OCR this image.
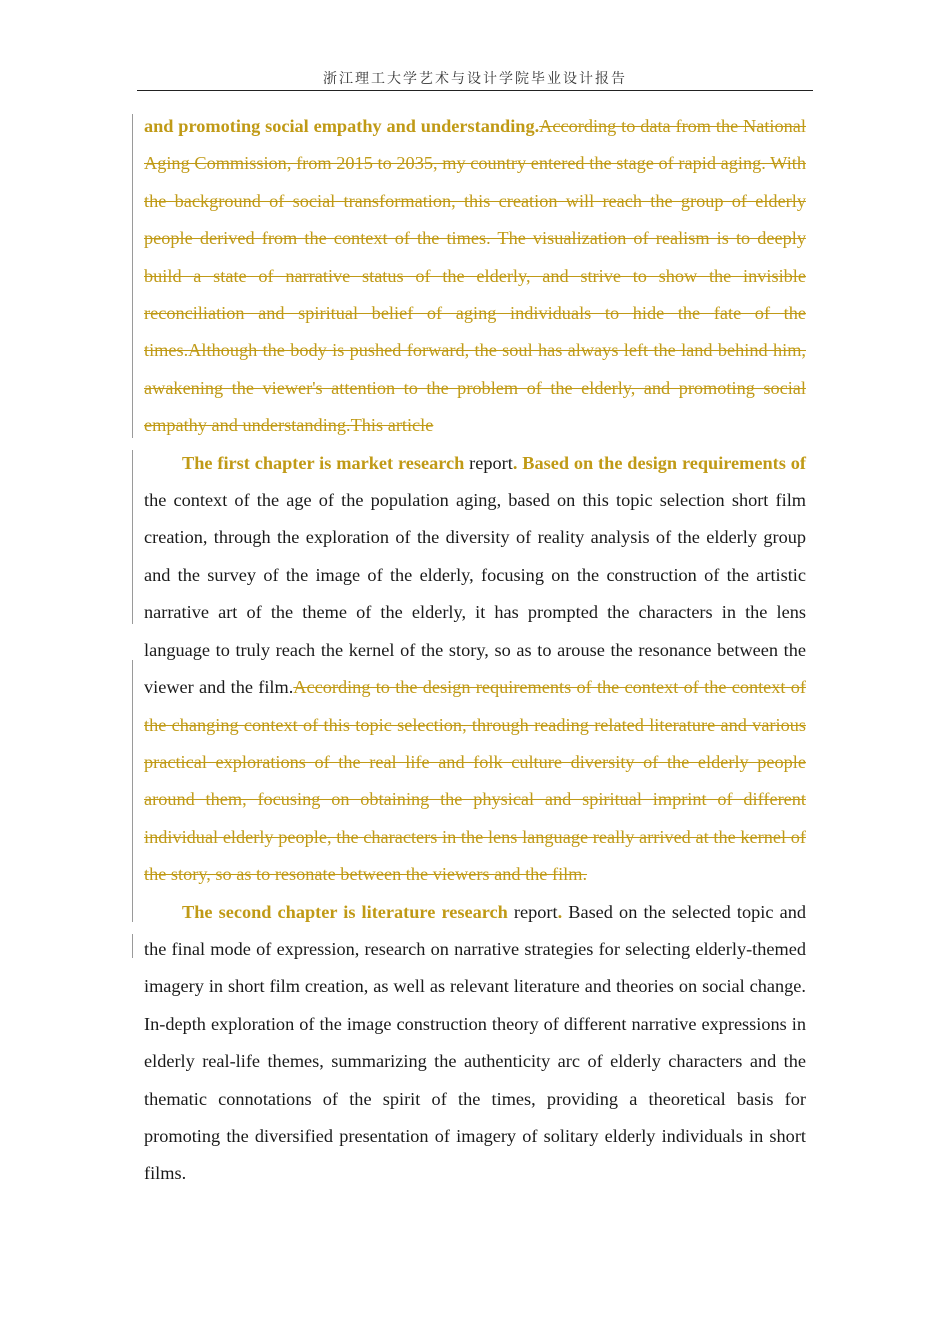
浙江理工大学艺术与设计学院毕业设计报告

and promoting social empathy and understanding.According to data from the National Aging Commission, from 2015 to 2035, my country entered the stage of rapid aging. With the background of social transformation, this creation will reach the group of elderly people derived from the context of the times. The visualization of realism is to deeply build a state of narrative status of the elderly, and strive to show the invisible reconciliation and spiritual belief of aging individuals to hide the fate of the times.Although the body is pushed forward, the soul has always left the land behind him, awakening the viewer's attention to the problem of the elderly, and promoting social empathy and understanding.This article

The first chapter is market research report. Based on the design requirements of the context of the age of the population aging, based on this topic selection short film creation, through the exploration of the diversity of reality analysis of the elderly group and the survey of the image of the elderly, focusing on the construction of the artistic narrative art of the theme of the elderly, it has prompted the characters in the lens language to truly reach the kernel of the story, so as to arouse the resonance between the viewer and the film.According to the design requirements of the context of the context of the changing context of this topic selection, through reading related literature and various practical explorations of the real life and folk culture diversity of the elderly people around them, focusing on obtaining the physical and spiritual imprint of different individual elderly people, the characters in the lens language really arrived at the kernel of the story, so as to resonate between the viewers and the film.

The second chapter is literature research report. Based on the selected topic and the final mode of expression, research on narrative strategies for selecting elderly-themed imagery in short film creation, as well as relevant literature and theories on social change. In-depth exploration of the image construction theory of different narrative expressions in elderly real-life themes, summarizing the authenticity arc of elderly characters and the thematic connotations of the spirit of the times, providing a theoretical basis for promoting the diversified presentation of imagery of solitary elderly individuals in short films.
